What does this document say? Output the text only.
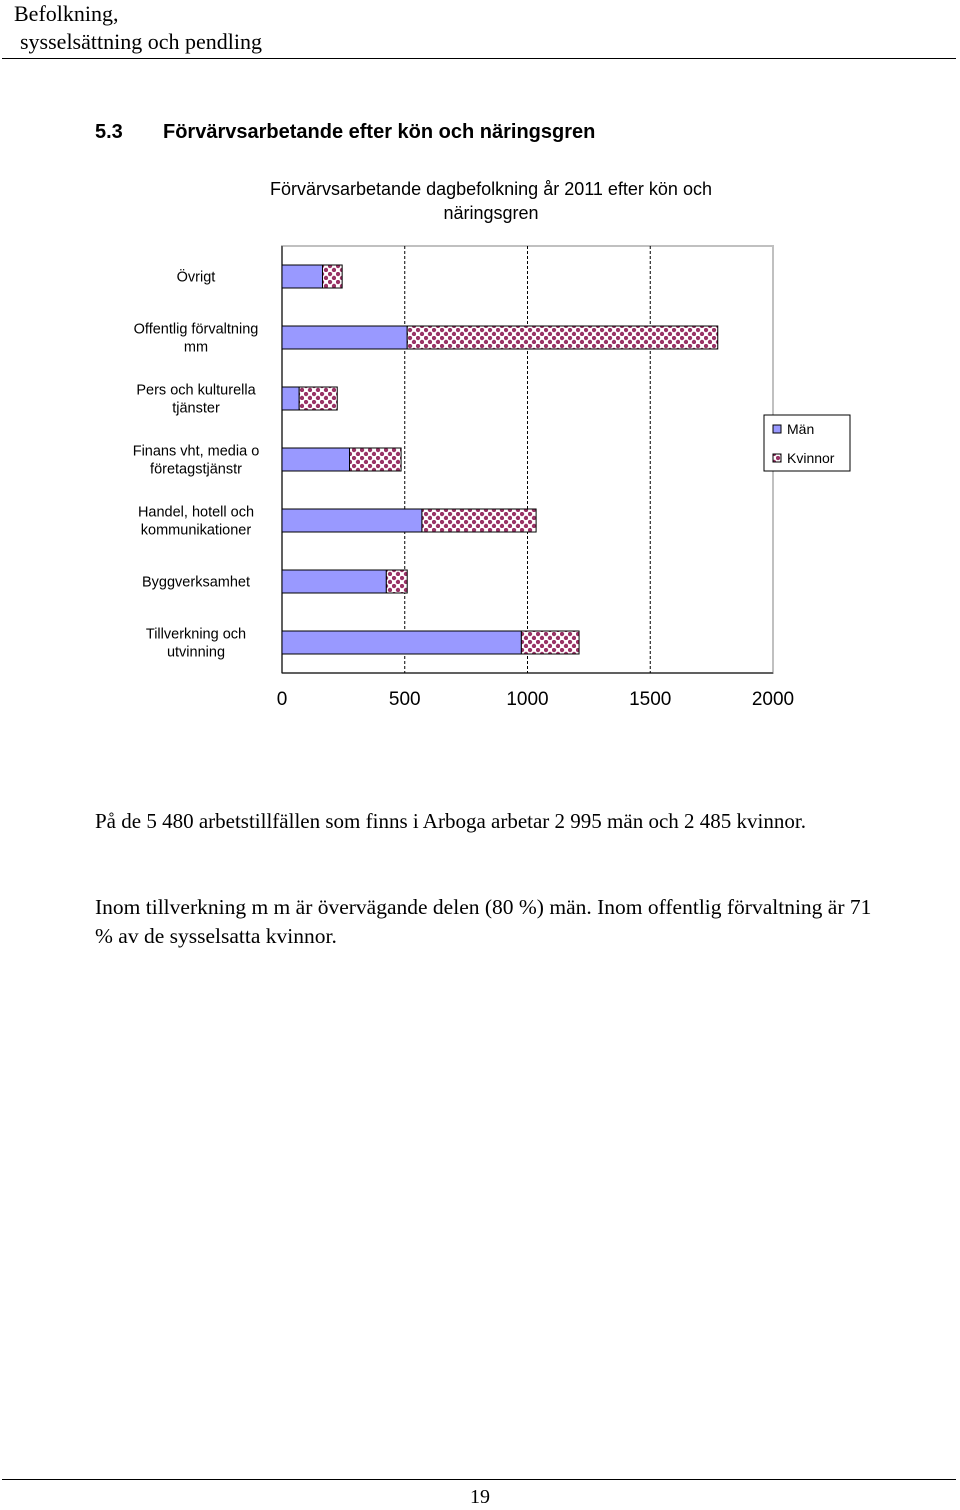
Befolkning,
sysselsättning och pendling
5.3 Förvärvsarbetande efter kön och näringsgren
Förvärvsarbetande dagbefolkning år 2011 efter kön och
näringsgren
Övrigt
Offentlig förvaltning
mm
Pers och kulturella
tjänster
Finans vht, media o
företagstjänstr
Handel, hotell och
kommunikationer
Byggverksamhet
Tillverkning och
utvinning
0	500	1000	1500	2000
Män
Kvinnor
På de 5 480 arbetstillfällen som finns i Arboga arbetar 2 995 män och 2 485 kvinnor.
Inom tillverkning m m är övervägande delen (80 %) män. Inom offentlig förvaltning är 71 % av de sysselsatta kvinnor.
19
